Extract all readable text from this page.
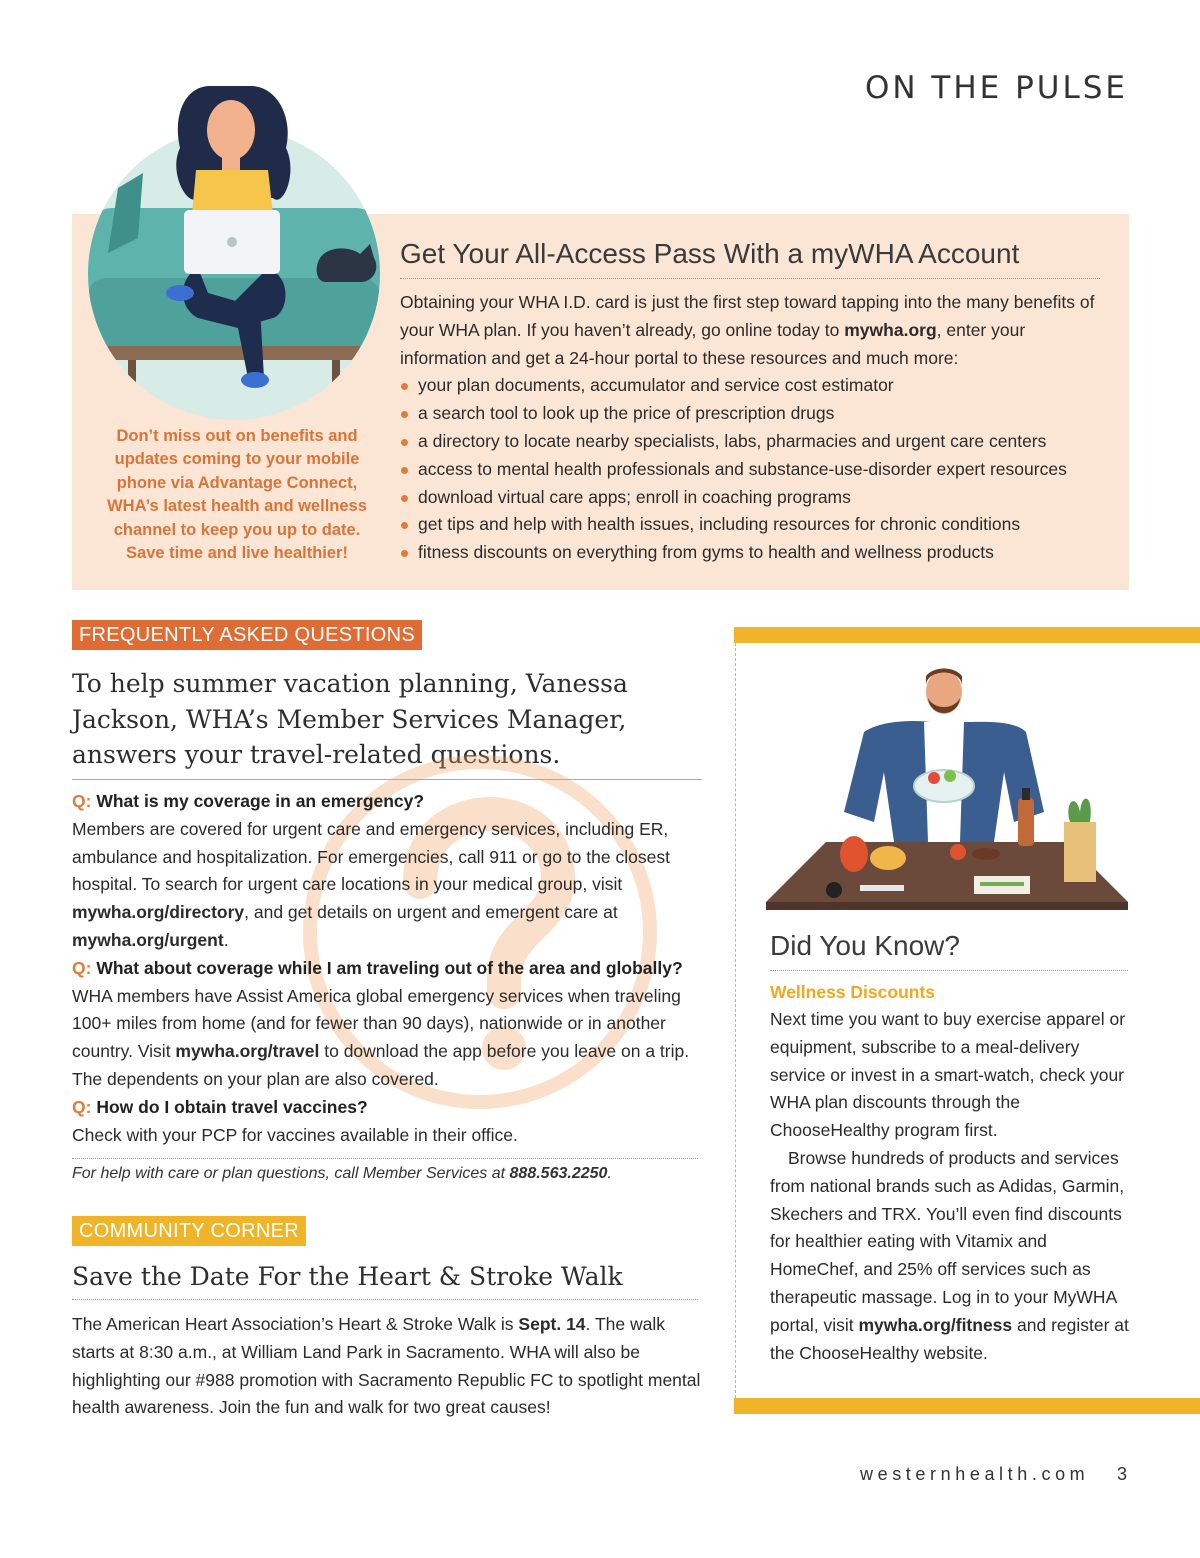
ON THE PULSE
Don’t miss out on benefits and updates coming to your mobile phone via Advantage Connect, WHA’s latest health and wellness channel to keep you up to date. Save time and live healthier!
Get Your All-Access Pass With a myWHA Account

Obtaining your WHA I.D. card is just the first step toward tapping into the many benefits of your WHA plan. If you haven’t already, go online today to mywha.org, enter your information and get a 24-hour portal to these resources and much more:

your plan documents, accumulator and service cost estimator
a search tool to look up the price of prescription drugs
a directory to locate nearby specialists, labs, pharmacies and urgent care centers
access to mental health professionals and substance-use-disorder expert resources
download virtual care apps; enroll in coaching programs
get tips and help with health issues, including resources for chronic conditions
fitness discounts on everything from gyms to health and wellness products
FREQUENTLY ASKED QUESTIONS
To help summer vacation planning, Vanessa Jackson, WHA’s Member Services Manager, answers your travel-related questions.

Q: What is my coverage in an emergency?

Members are covered for urgent care and emergency services, including ER, ambulance and hospitalization. For emergencies, call 911 or go to the closest hospital. To search for urgent care locations in your medical group, visit mywha.org/directory, and get details on urgent and emergent care at mywha.org/urgent.

Q: What about coverage while I am traveling out of the area and globally?

WHA members have Assist America global emergency services when traveling 100+ miles from home (and for fewer than 90 days), nationwide or in another country. Visit mywha.org/travel to download the app before you leave on a trip. The dependents on your plan are also covered.

Q: How do I obtain travel vaccines?

Check with your PCP for vaccines available in their office.

For help with care or plan questions, call Member Services at 888.563.2250.
COMMUNITY CORNER
Save the Date For the Heart & Stroke Walk

The American Heart Association’s Heart & Stroke Walk is Sept. 14. The walk starts at 8:30 a.m., at William Land Park in Sacramento. WHA will also be highlighting our #988 promotion with Sacramento Republic FC to spotlight mental health awareness. Join the fun and walk for two great causes!

Did You Know?
Wellness Discounts

Next time you want to buy exercise apparel or equipment, subscribe to a meal-delivery service or invest in a smart-watch, check your WHA plan discounts through the ChooseHealthy program first.

Browse hundreds of products and services from national brands such as Adidas, Garmin, Skechers and TRX. You’ll even find discounts for healthier eating with Vitamix and HomeChef, and 25% off services such as therapeutic massage. Log in to your MyWHA portal, visit mywha.org/fitness and register at the ChooseHealthy website.

westernhealth.com 3
